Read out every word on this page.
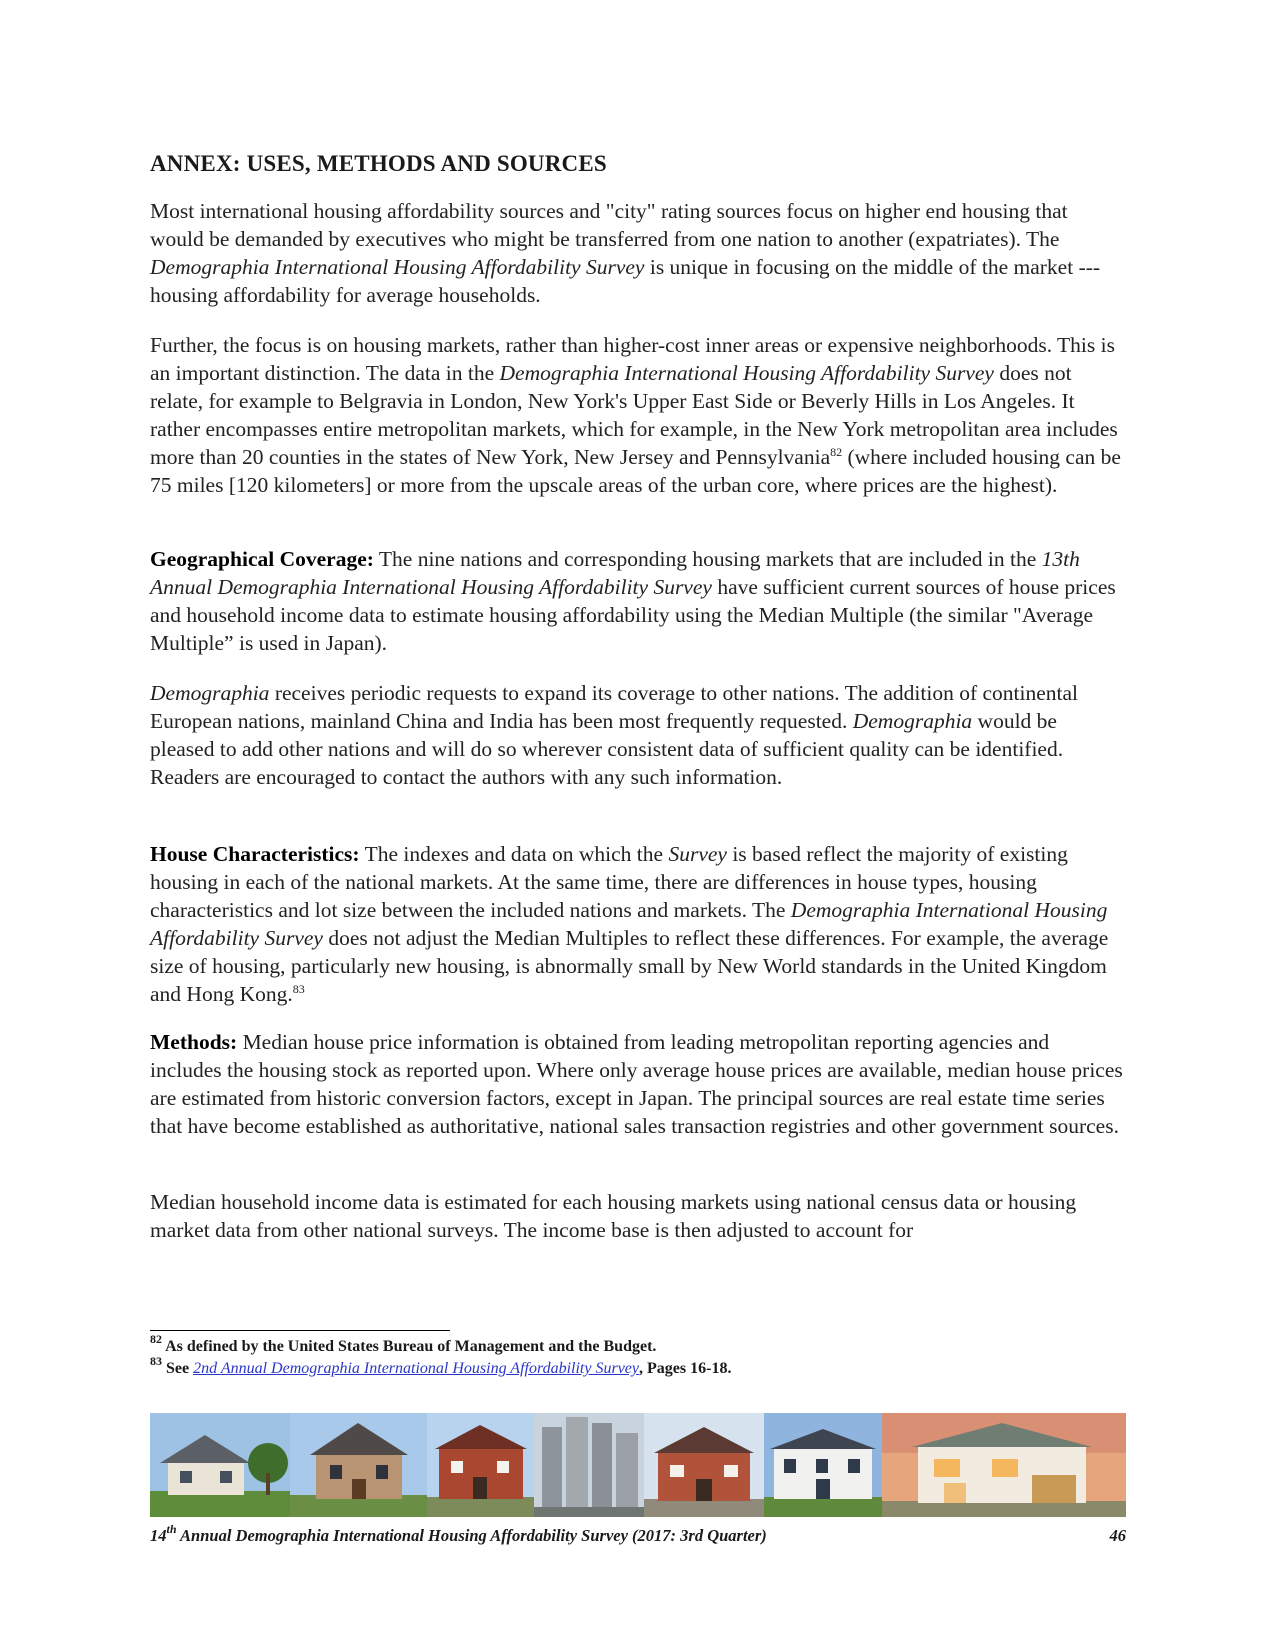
ANNEX: USES, METHODS AND SOURCES

Most international housing affordability sources and "city" rating sources focus on higher end housing that would be demanded by executives who might be transferred from one nation to another (expatriates). The Demographia International Housing Affordability Survey is unique in focusing on the middle of the market --- housing affordability for average households.

Further, the focus is on housing markets, rather than higher-cost inner areas or expensive neighborhoods. This is an important distinction. The data in the Demographia International Housing Affordability Survey does not relate, for example to Belgravia in London, New York's Upper East Side or Beverly Hills in Los Angeles. It rather encompasses entire metropolitan markets, which for example, in the New York metropolitan area includes more than 20 counties in the states of New York, New Jersey and Pennsylvania$^{82}$ (where included housing can be 75 miles [120 kilometers] or more from the upscale areas of the urban core, where prices are the highest).

Geographical Coverage: The nine nations and corresponding housing markets that are included in the 13th Annual Demographia International Housing Affordability Survey have sufficient current sources of house prices and household income data to estimate housing affordability using the Median Multiple (the similar "Average Multiple” is used in Japan).

Demographia receives periodic requests to expand its coverage to other nations. The addition of continental European nations, mainland China and India has been most frequently requested. Demographia would be pleased to add other nations and will do so wherever consistent data of sufficient quality can be identified. Readers are encouraged to contact the authors with any such information.

House Characteristics: The indexes and data on which the Survey is based reflect the majority of existing housing in each of the national markets. At the same time, there are differences in house types, housing characteristics and lot size between the included nations and markets. The Demographia International Housing Affordability Survey does not adjust the Median Multiples to reflect these differences. For example, the average size of housing, particularly new housing, is abnormally small by New World standards in the United Kingdom and Hong Kong.$^{83}$

Methods: Median house price information is obtained from leading metropolitan reporting agencies and includes the housing stock as reported upon. Where only average house prices are available, median house prices are estimated from historic conversion factors, except in Japan. The principal sources are real estate time series that have become established as authoritative, national sales transaction registries and other government sources.

Median household income data is estimated for each housing markets using national census data or housing market data from other national surveys. The income base is then adjusted to account for

$^{82}$ As defined by the United States Bureau of Management and the Budget.
$^{83}$ See 2nd Annual Demographia International Housing Affordability Survey, Pages 16-18.
14th Annual Demographia International Housing Affordability Survey (2017: 3rd Quarter)	46
